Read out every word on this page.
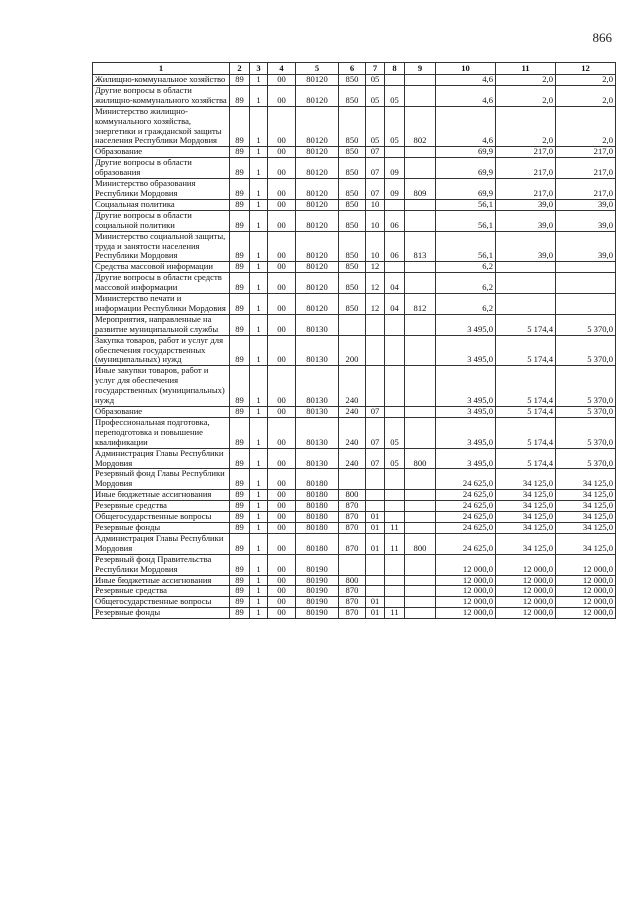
866
1	2	3	4	5	6	7	8	9	10	11	12
Жилищно-коммунальное хозяйство	89	1	00	80120	850	05			4,6	2,0	2,0
Другие вопросы в области жилищно-коммунального хозяйства	89	1	00	80120	850	05	05		4,6	2,0	2,0
Министерство жилищно-коммунального хозяйства, энергетики и гражданской защиты населения Республики Мордовия	89	1	00	80120	850	05	05	802	4,6	2,0	2,0
Образование	89	1	00	80120	850	07			69,9	217,0	217,0
Другие вопросы в области образования	89	1	00	80120	850	07	09		69,9	217,0	217,0
Министерство образования Республики Мордовия	89	1	00	80120	850	07	09	809	69,9	217,0	217,0
Социальная политика	89	1	00	80120	850	10			56,1	39,0	39,0
Другие вопросы в области социальной политики	89	1	00	80120	850	10	06		56,1	39,0	39,0
Министерство социальной защиты, труда и занятости населения Республики Мордовия	89	1	00	80120	850	10	06	813	56,1	39,0	39,0
Средства массовой информации	89	1	00	80120	850	12			6,2		
Другие вопросы в области средств массовой информации	89	1	00	80120	850	12	04		6,2		
Министерство печати и информации Республики Мордовия	89	1	00	80120	850	12	04	812	6,2		
Мероприятия, направленные на развитие муниципальной службы	89	1	00	80130					3 495,0	5 174,4	5 370,0
Закупка товаров, работ и услуг для обеспечения государственных (муниципальных) нужд	89	1	00	80130	200				3 495,0	5 174,4	5 370,0
Иные закупки товаров, работ и услуг для обеспечения государственных (муниципальных) нужд	89	1	00	80130	240				3 495,0	5 174,4	5 370,0
Образование	89	1	00	80130	240	07			3 495,0	5 174,4	5 370,0
Профессиональная подготовка, переподготовка и повышение квалификации	89	1	00	80130	240	07	05		3 495,0	5 174,4	5 370,0
Администрация Главы Республики Мордовия	89	1	00	80130	240	07	05	800	3 495,0	5 174,4	5 370,0
Резервный фонд Главы Республики Мордовия	89	1	00	80180					24 625,0	34 125,0	34 125,0
Иные бюджетные ассигнования	89	1	00	80180	800				24 625,0	34 125,0	34 125,0
Резервные средства	89	1	00	80180	870				24 625,0	34 125,0	34 125,0
Общегосударственные вопросы	89	1	00	80180	870	01			24 625,0	34 125,0	34 125,0
Резервные фонды	89	1	00	80180	870	01	11		24 625,0	34 125,0	34 125,0
Администрация Главы Республики Мордовия	89	1	00	80180	870	01	11	800	24 625,0	34 125,0	34 125,0
Резервный фонд Правительства Республики Мордовия	89	1	00	80190					12 000,0	12 000,0	12 000,0
Иные бюджетные ассигнования	89	1	00	80190	800				12 000,0	12 000,0	12 000,0
Резервные средства	89	1	00	80190	870				12 000,0	12 000,0	12 000,0
Общегосударственные вопросы	89	1	00	80190	870	01			12 000,0	12 000,0	12 000,0
Резервные фонды	89	1	00	80190	870	01	11		12 000,0	12 000,0	12 000,0
